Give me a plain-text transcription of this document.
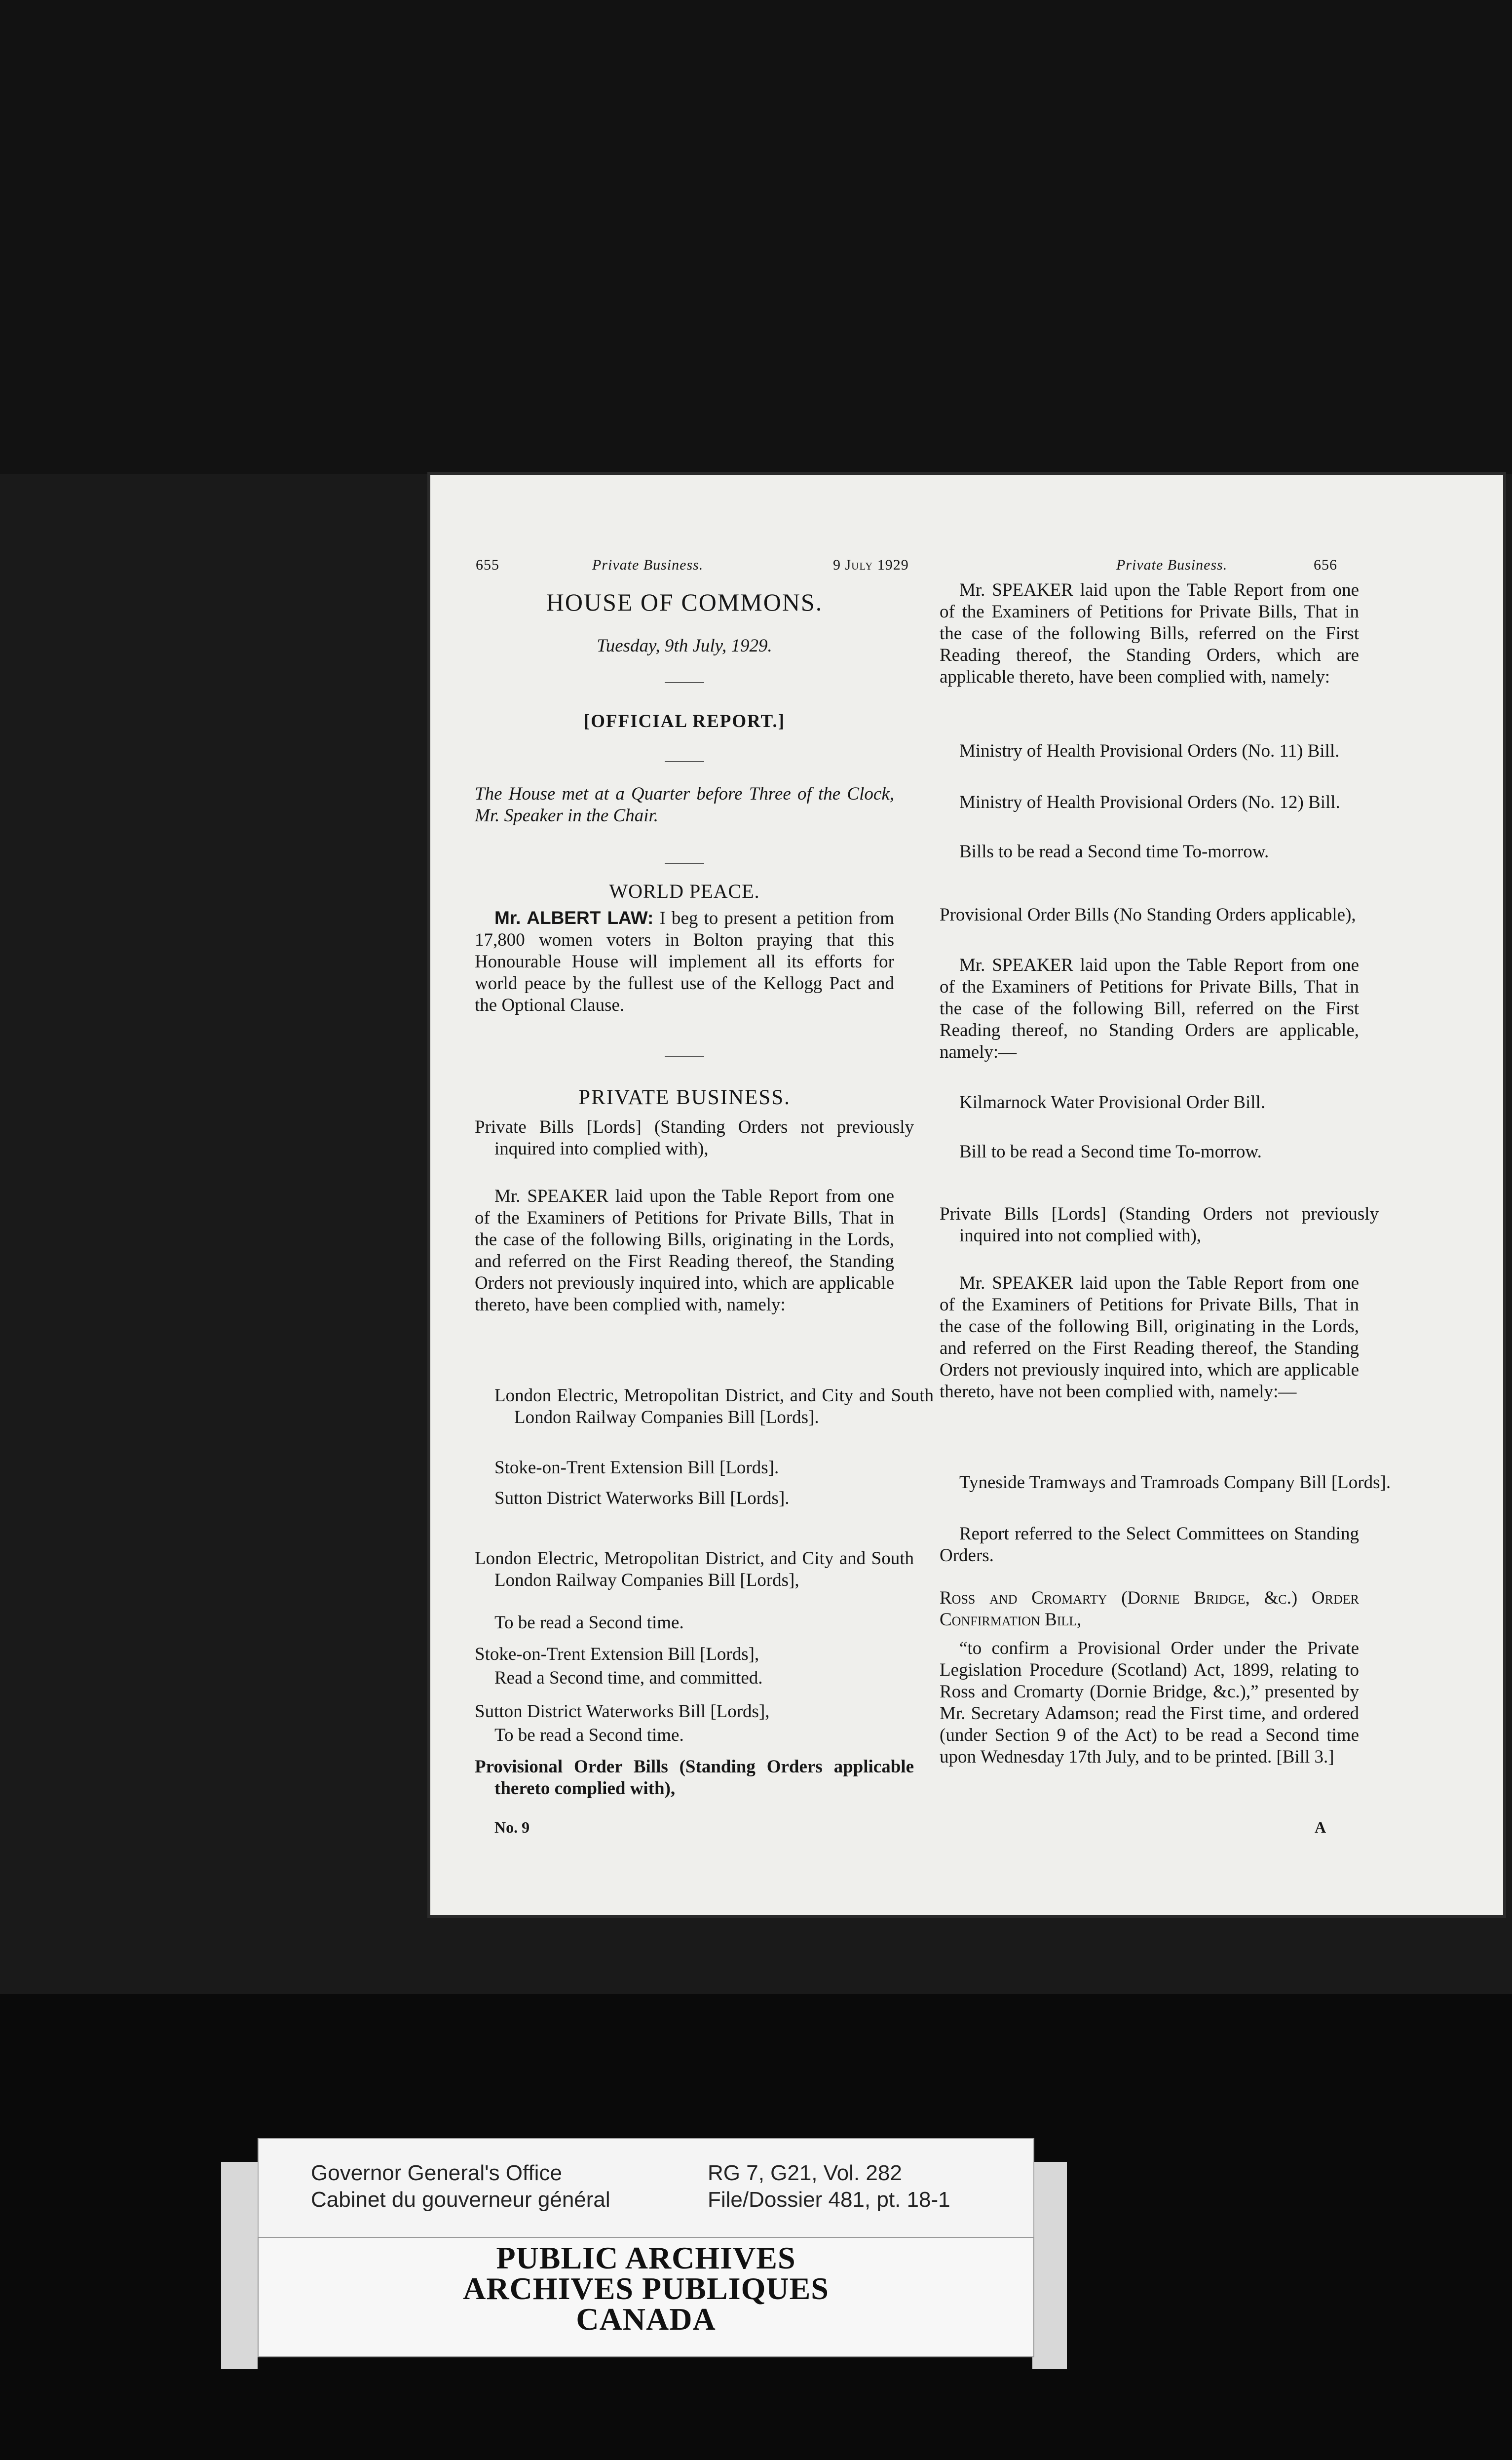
655	Private Business.	9 July 1929	Private Business.	656
HOUSE OF COMMONS.
Tuesday, 9th July, 1929.
[OFFICIAL REPORT.]
The House met at a Quarter before Three of the Clock, Mr. Speaker in the Chair.
WORLD PEACE.
Mr. ALBERT LAW: I beg to present a petition from 17,800 women voters in Bolton praying that this Honourable House will implement all its efforts for world peace by the fullest use of the Kellogg Pact and the Optional Clause.
PRIVATE BUSINESS.
Private Bills [Lords] (Standing Orders not previously inquired into complied with),
Mr. SPEAKER laid upon the Table Report from one of the Examiners of Petitions for Private Bills, That in the case of the following Bills, originating in the Lords, and referred on the First Reading thereof, the Standing Orders not previously inquired into, which are applicable thereto, have been complied with, namely:
London Electric, Metropolitan District, and City and South London Railway Companies Bill [Lords].
Stoke-on-Trent Extension Bill [Lords].
Sutton District Waterworks Bill [Lords].
London Electric, Metropolitan District, and City and South London Railway Companies Bill [Lords],
To be read a Second time.
Stoke-on-Trent Extension Bill [Lords],
Read a Second time, and committed.
Sutton District Waterworks Bill [Lords],
To be read a Second time.
Provisional Order Bills (Standing Orders applicable thereto complied with),
No. 9
Mr. SPEAKER laid upon the Table Report from one of the Examiners of Petitions for Private Bills, That in the case of the following Bills, referred on the First Reading thereof, the Standing Orders, which are applicable thereto, have been complied with, namely:
Ministry of Health Provisional Orders (No. 11) Bill.
Ministry of Health Provisional Orders (No. 12) Bill.
Bills to be read a Second time To-morrow.
Provisional Order Bills (No Standing Orders applicable),
Mr. SPEAKER laid upon the Table Report from one of the Examiners of Petitions for Private Bills, That in the case of the following Bill, referred on the First Reading thereof, no Standing Orders are applicable, namely:—
Kilmarnock Water Provisional Order Bill.
Bill to be read a Second time To-morrow.
Private Bills [Lords] (Standing Orders not previously inquired into not complied with),
Mr. SPEAKER laid upon the Table Report from one of the Examiners of Petitions for Private Bills, That in the case of the following Bill, originating in the Lords, and referred on the First Reading thereof, the Standing Orders not previously inquired into, which are applicable thereto, have not been complied with, namely:—
Tyneside Tramways and Tramroads Company Bill [Lords].
Report referred to the Select Committees on Standing Orders.
Ross and Cromarty (Dornie Bridge, &c.) Order Confirmation Bill,
“to confirm a Provisional Order under the Private Legislation Procedure (Scotland) Act, 1899, relating to Ross and Cromarty (Dornie Bridge, &c.),” presented by Mr. Secretary Adamson; read the First time, and ordered (under Section 9 of the Act) to be read a Second time upon Wednesday 17th July, and to be printed. [Bill 3.]
A
Governor General's Office
Cabinet du gouverneur général
RG 7, G21, Vol. 282
File/Dossier 481, pt. 18-1
PUBLIC ARCHIVES
ARCHIVES PUBLIQUES
CANADA
